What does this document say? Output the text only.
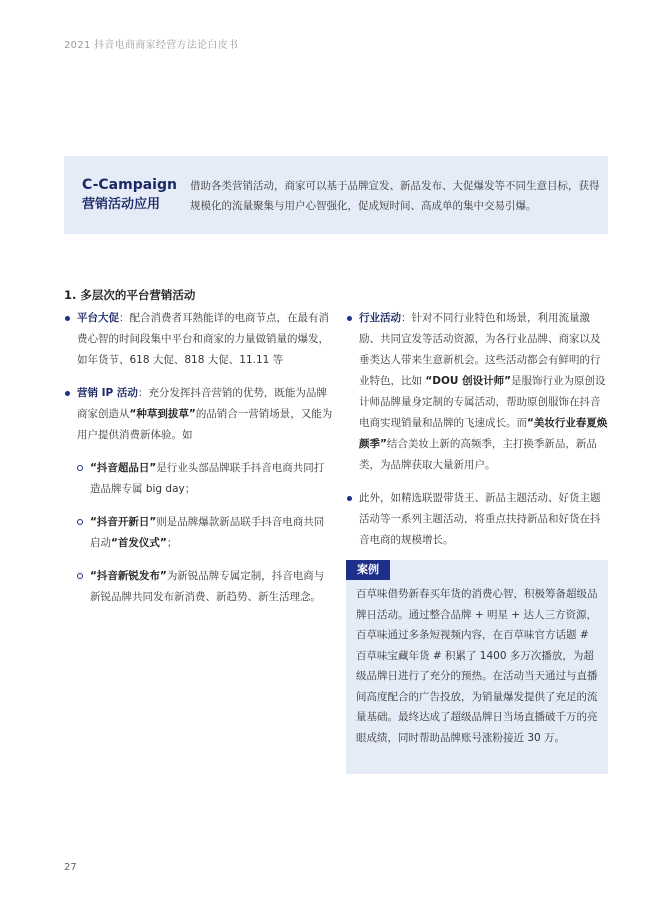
2021 抖音电商商家经营方法论白皮书
C-Campaign
营销活动应用
借助各类营销活动，商家可以基于品牌宣发、新品发布、大促爆发等不同生意目标，获得规模化的流量聚集与用户心智强化，促成短时间、高成单的集中交易引爆。
1. 多层次的平台营销活动
平台大促：配合消费者耳熟能详的电商节点，在最有消费心智的时间段集中平台和商家的力量做销量的爆发，如年货节、618 大促、818 大促、11.11 等
营销 IP 活动：充分发挥抖音营销的优势，既能为品牌商家创造从“种草到拔草”的品销合一营销场景，又能为用户提供消费新体验。如
“抖音超品日”是行业头部品牌联手抖音电商共同打造品牌专属 big day；
“抖音开新日”则是品牌爆款新品联手抖音电商共同启动“首发仪式”；
“抖音新锐发布”为新锐品牌专属定制，抖音电商与新锐品牌共同发布新消费、新趋势、新生活理念。
行业活动：针对不同行业特色和场景，利用流量激励、共同宣发等活动资源，为各行业品牌、商家以及垂类达人带来生意新机会。这些活动都会有鲜明的行业特色，比如 “DOU 创设计师”是服饰行业为原创设计师品牌量身定制的专属活动，帮助原创服饰在抖音电商实现销量和品牌的飞速成长。而“美妆行业春夏焕颜季”结合美妆上新的高频季，主打换季新品，新品类，为品牌获取大量新用户。
此外，如精选联盟带货王、新品主题活动、好货主题活动等一系列主题活动，将重点扶持新品和好货在抖音电商的规模增长。
案例
百草味借势新春买年货的消费心智，积极筹备超级品牌日活动。通过整合品牌 + 明星 + 达人三方资源，百草味通过多条短视频内容，在百草味官方话题 # 百草味宝藏年货 # 积累了 1400 多万次播放，为超级品牌日进行了充分的预热。在活动当天通过与直播间高度配合的广告投放，为销量爆发提供了充足的流量基础。最终达成了超级品牌日当场直播破千万的亮眼成绩，同时帮助品牌账号涨粉接近 30 万。
27
